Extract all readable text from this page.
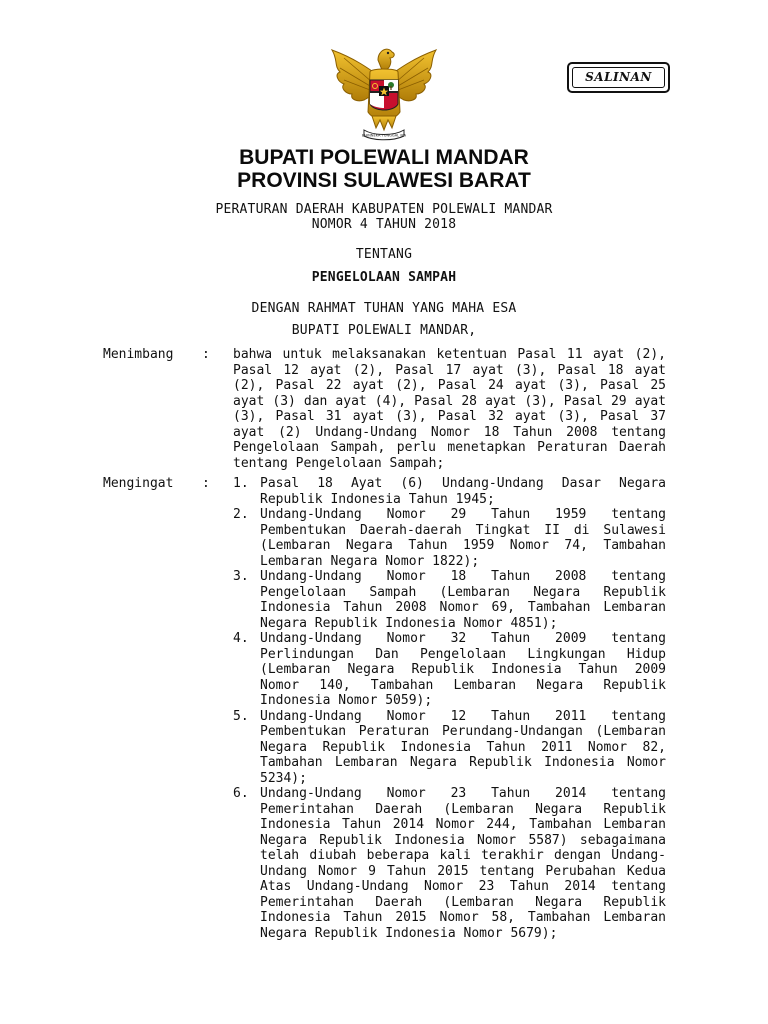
BHINNEKA TUNGGAL IKA
SALINAN
BUPATI POLEWALI MANDAR
PROVINSI SULAWESI BARAT
PERATURAN DAERAH KABUPATEN POLEWALI MANDAR
NOMOR 4 TAHUN 2018
TENTANG
PENGELOLAAN SAMPAH
DENGAN RAHMAT TUHAN YANG MAHA ESA
BUPATI POLEWALI MANDAR,
Menimbang : bahwa untuk melaksanakan ketentuan Pasal 11 ayat (2), Pasal 12 ayat (2), Pasal 17 ayat (3), Pasal 18 ayat (2), Pasal 22 ayat (2), Pasal 24 ayat (3), Pasal 25 ayat (3) dan ayat (4), Pasal 28 ayat (3), Pasal 29 ayat (3), Pasal 31 ayat (3), Pasal 32 ayat (3), Pasal 37 ayat (2) Undang-Undang Nomor 18 Tahun 2008 tentang Pengelolaan Sampah, perlu menetapkan Peraturan Daerah tentang Pengelolaan Sampah;
Mengingat : 1. Pasal 18 Ayat (6) Undang-Undang Dasar Negara Republik Indonesia Tahun 1945;
2. Undang-Undang Nomor 29 Tahun 1959 tentang Pembentukan Daerah-daerah Tingkat II di Sulawesi (Lembaran Negara Tahun 1959 Nomor 74, Tambahan Lembaran Negara Nomor 1822);
3. Undang-Undang Nomor 18 Tahun 2008 tentang Pengelolaan Sampah (Lembaran Negara Republik Indonesia Tahun 2008 Nomor 69, Tambahan Lembaran Negara Republik Indonesia Nomor 4851);
4. Undang-Undang Nomor 32 Tahun 2009 tentang Perlindungan Dan Pengelolaan Lingkungan Hidup (Lembaran Negara Republik Indonesia Tahun 2009 Nomor 140, Tambahan Lembaran Negara Republik Indonesia Nomor 5059);
5. Undang-Undang Nomor 12 Tahun 2011 tentang Pembentukan Peraturan Perundang-Undangan (Lembaran Negara Republik Indonesia Tahun 2011 Nomor 82, Tambahan Lembaran Negara Republik Indonesia Nomor 5234);
6. Undang-Undang Nomor 23 Tahun 2014 tentang Pemerintahan Daerah (Lembaran Negara Republik Indonesia Tahun 2014 Nomor 244, Tambahan Lembaran Negara Republik Indonesia Nomor 5587) sebagaimana telah diubah beberapa kali terakhir dengan Undang-Undang Nomor 9 Tahun 2015 tentang Perubahan Kedua Atas Undang-Undang Nomor 23 Tahun 2014 tentang Pemerintahan Daerah (Lembaran Negara Republik Indonesia Tahun 2015 Nomor 58, Tambahan Lembaran Negara Republik Indonesia Nomor 5679);
